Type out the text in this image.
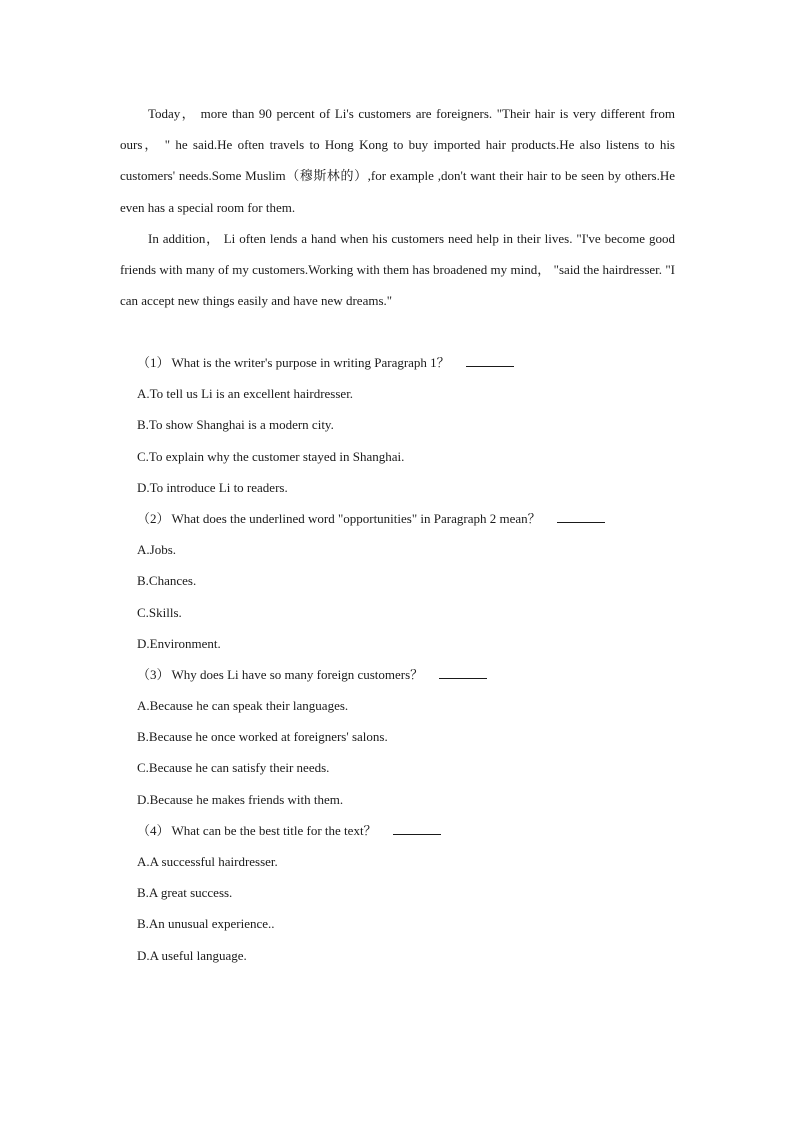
Today， more than 90 percent of Li's customers are foreigners. "Their hair is very different from ours， " he said.He often travels to Hong Kong to buy imported hair products.He also listens to his customers' needs.Some Muslim（穆斯林的）,for example ,don't want their hair to be seen by others.He even has a special room for them.

In addition， Li often lends a hand when his customers need help in their lives. "I've become good friends with many of my customers.Working with them has broadened my mind， "said the hairdresser. "I can accept new things easily and have new dreams."

（1） What is the writer's purpose in writing Paragraph 1？
A.To tell us Li is an excellent hairdresser.
B.To show Shanghai is a modern city.
C.To explain why the customer stayed in Shanghai.
D.To introduce Li to readers.
（2） What does the underlined word "opportunities" in Paragraph 2 mean？
A.Jobs.
B.Chances.
C.Skills.
D.Environment.
（3） Why does Li have so many foreign customers？
A.Because he can speak their languages.
B.Because he once worked at foreigners' salons.
C.Because he can satisfy their needs.
D.Because he makes friends with them.
（4） What can be the best title for the text？
A.A successful hairdresser.
B.A great success.
B.An unusual experience..
D.A useful language.
